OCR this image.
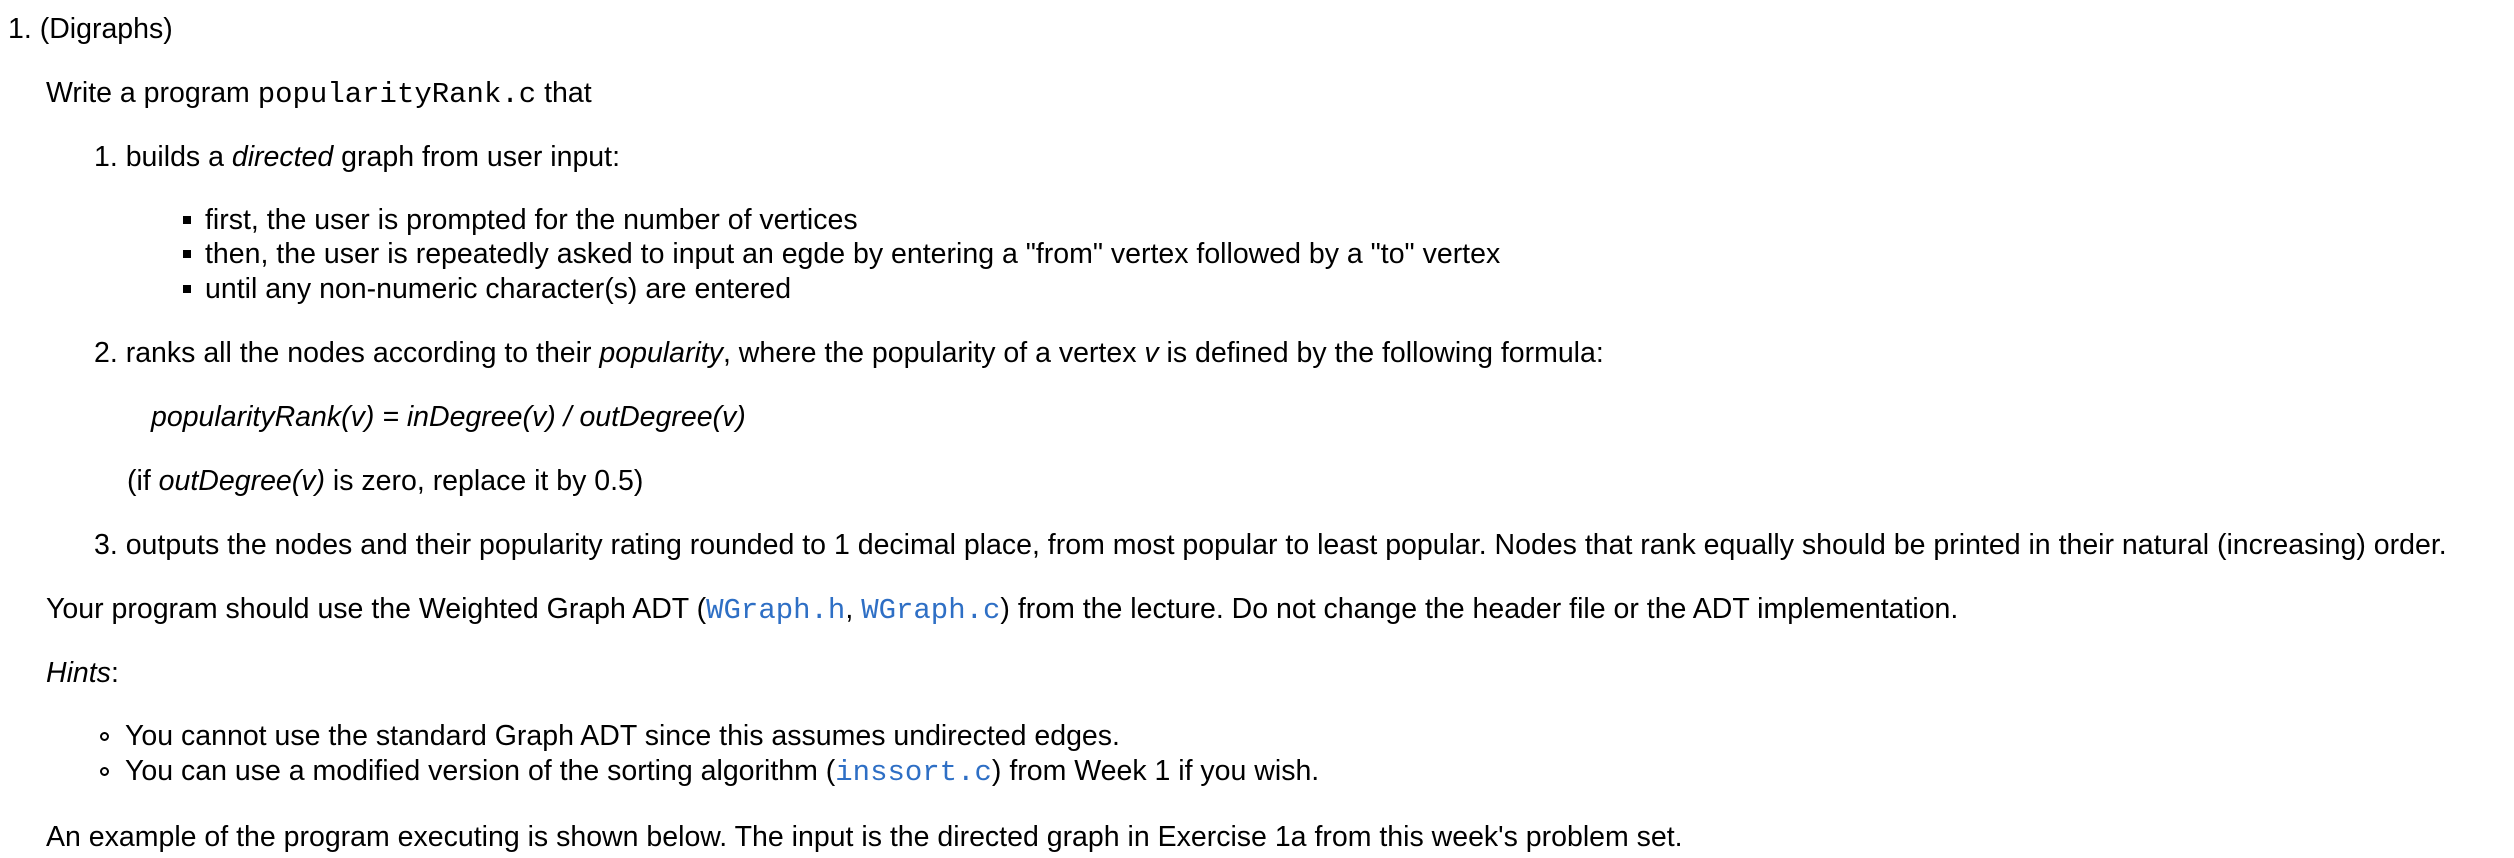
1. (Digraphs)
Write a program popularityRank.c that
1. builds a directed graph from user input:
first, the user is prompted for the number of vertices
then, the user is repeatedly asked to input an egde by entering a "from" vertex followed by a "to" vertex
until any non-numeric character(s) are entered
2. ranks all the nodes according to their popularity, where the popularity of a vertex v is defined by the following formula:
popularityRank(v) = inDegree(v) / outDegree(v)
(if outDegree(v) is zero, replace it by 0.5)
3. outputs the nodes and their popularity rating rounded to 1 decimal place, from most popular to least popular. Nodes that rank equally should be printed in their natural (increasing) order.
Your program should use the Weighted Graph ADT (WGraph.h, WGraph.c) from the lecture. Do not change the header file or the ADT implementation.
Hints:
You cannot use the standard Graph ADT since this assumes undirected edges.
You can use a modified version of the sorting algorithm (inssort.c) from Week 1 if you wish.
An example of the program executing is shown below. The input is the directed graph in Exercise 1a from this week's problem set.
